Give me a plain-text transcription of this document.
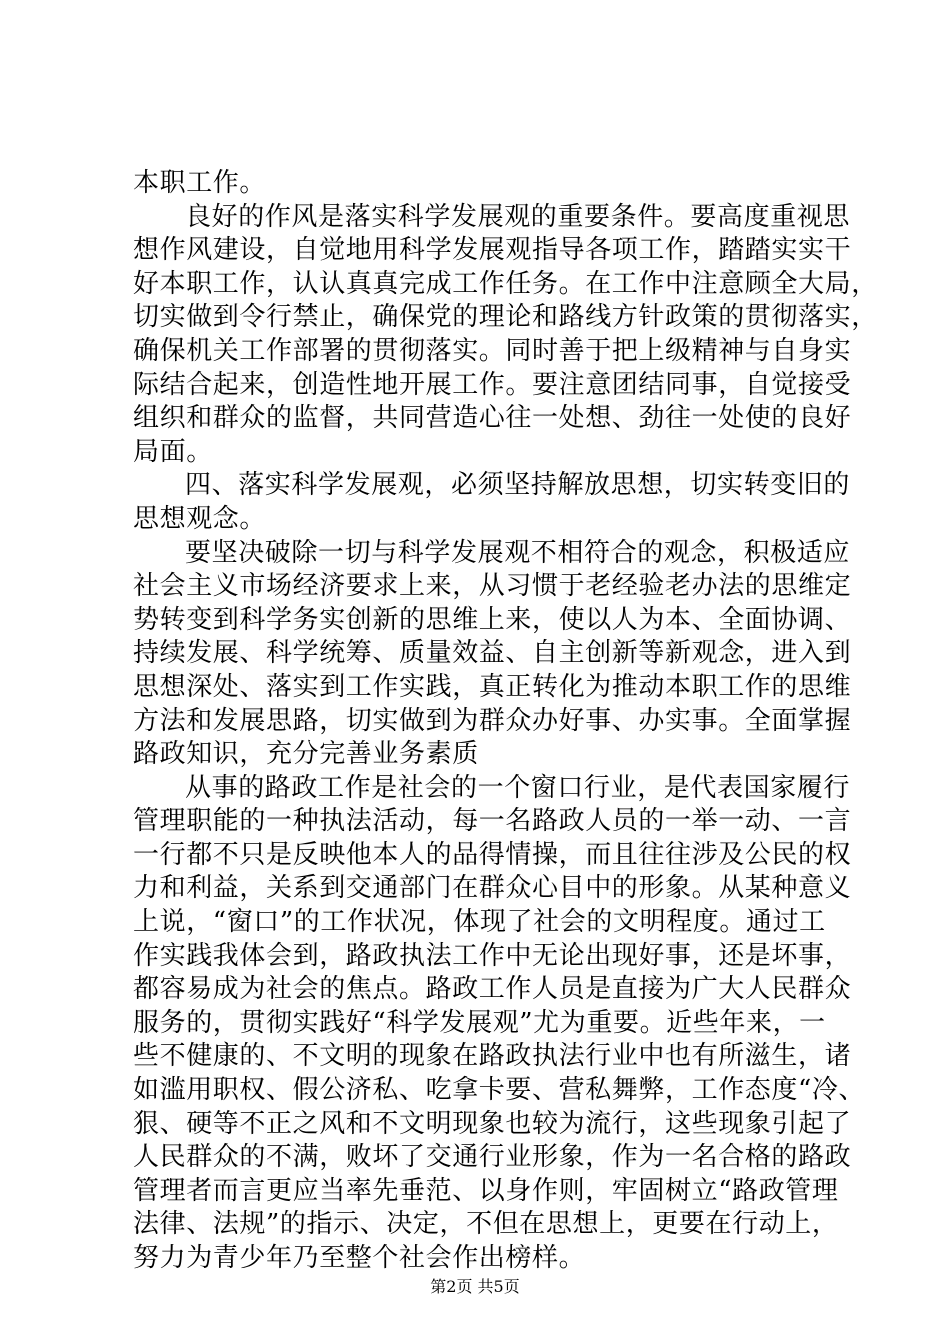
本职工作。
良好的作风是落实科学发展观的重要条件。要高度重视思
想作风建设，自觉地用科学发展观指导各项工作，踏踏实实干
好本职工作，认认真真完成工作任务。在工作中注意顾全大局，
切实做到令行禁止，确保党的理论和路线方针政策的贯彻落实，
确保机关工作部署的贯彻落实。同时善于把上级精神与自身实
际结合起来，创造性地开展工作。要注意团结同事，自觉接受
组织和群众的监督，共同营造心往一处想、劲往一处使的良好
局面。
四、落实科学发展观，必须坚持解放思想，切实转变旧的
思想观念。
要坚决破除一切与科学发展观不相符合的观念，积极适应
社会主义市场经济要求上来，从习惯于老经验老办法的思维定
势转变到科学务实创新的思维上来，使以人为本、全面协调、
持续发展、科学统筹、质量效益、自主创新等新观念，进入到
思想深处、落实到工作实践，真正转化为推动本职工作的思维
方法和发展思路，切实做到为群众办好事、办实事。全面掌握
路政知识，充分完善业务素质
从事的路政工作是社会的一个窗口行业，是代表国家履行
管理职能的一种执法活动，每一名路政人员的一举一动、一言
一行都不只是反映他本人的品得情操，而且往往涉及公民的权
力和利益，关系到交通部门在群众心目中的形象。从某种意义
上说，“窗口”的工作状况，体现了社会的文明程度。通过工
作实践我体会到，路政执法工作中无论出现好事，还是坏事，
都容易成为社会的焦点。路政工作人员是直接为广大人民群众
服务的，贯彻实践好“科学发展观”尤为重要。近些年来，一
些不健康的、不文明的现象在路政执法行业中也有所滋生，诸
如滥用职权、假公济私、吃拿卡要、营私舞弊，工作态度“冷、
狠、硬等不正之风和不文明现象也较为流行，这些现象引起了
人民群众的不满，败坏了交通行业形象，作为一名合格的路政
管理者而言更应当率先垂范、以身作则，牢固树立“路政管理
法律、法规”的指示、决定，不但在思想上，更要在行动上，
努力为青少年乃至整个社会作出榜样。
第2页 共5页
